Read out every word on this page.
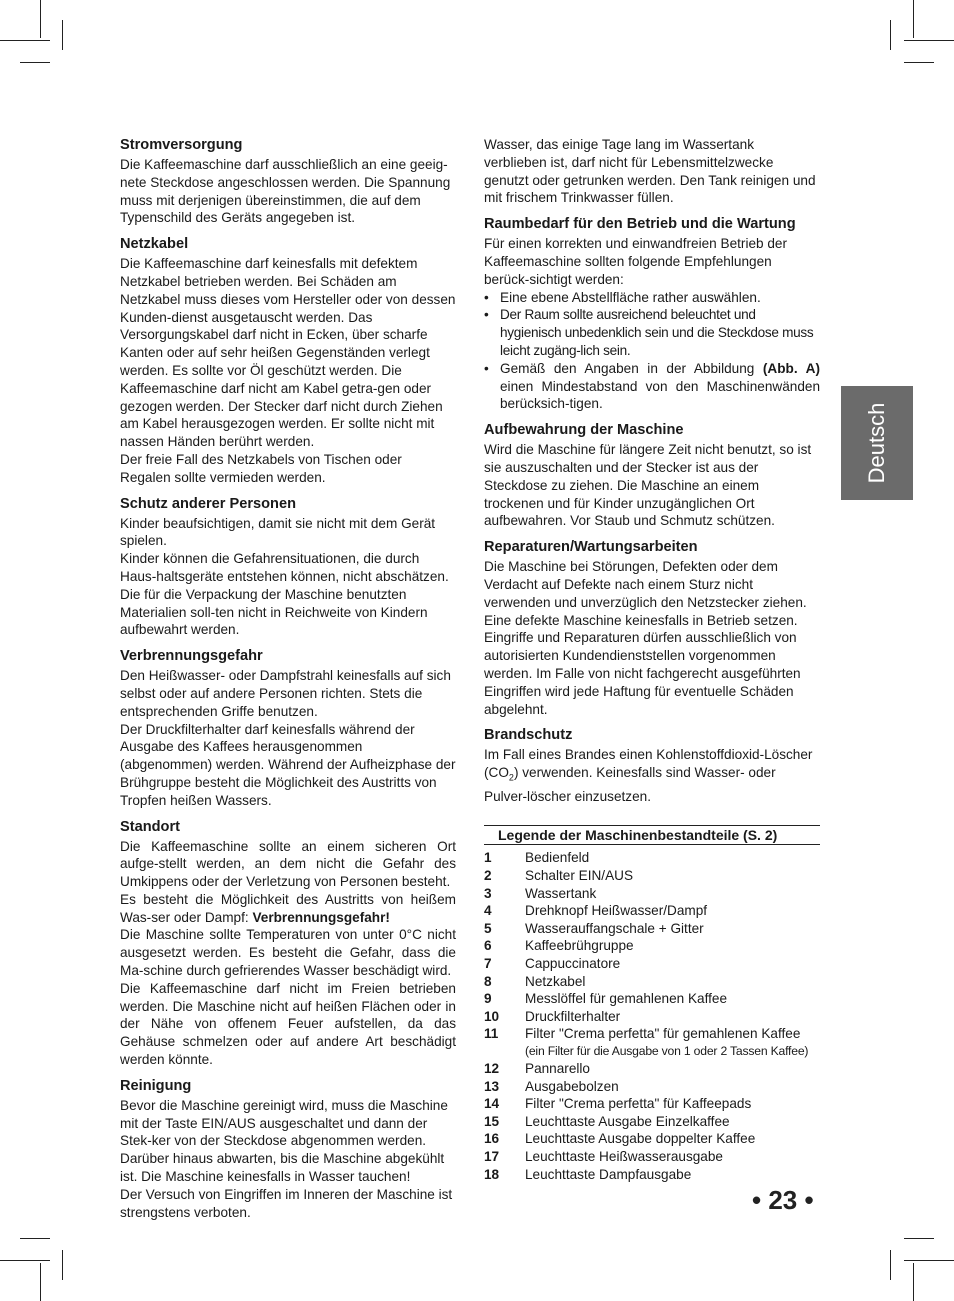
Stromversorgung

Die Kaffeemaschine darf ausschließlich an eine geeig-nete Steckdose angeschlossen werden. Die Spannung muss mit derjenigen übereinstimmen, die auf dem Typenschild des Geräts angegeben ist.

Netzkabel

Die Kaffeemaschine darf keinesfalls mit defektem Netzkabel betrieben werden. Bei Schäden am Netzkabel muss dieses vom Hersteller oder von dessen Kunden-dienst ausgetauscht werden. Das Versorgungskabel darf nicht in Ecken, über scharfe Kanten oder auf sehr heißen Gegenständen verlegt werden. Es sollte vor Öl geschützt werden. Die Kaffeemaschine darf nicht am Kabel getra-gen oder gezogen werden. Der Stecker darf nicht durch Ziehen am Kabel herausgezogen werden. Er sollte nicht mit nassen Händen berührt werden.

Der freie Fall des Netzkabels von Tischen oder Regalen sollte vermieden werden.

Schutz anderer Personen

Kinder beaufsichtigen, damit sie nicht mit dem Gerät spielen.

Kinder können die Gefahrensituationen, die durch Haus-haltsgeräte entstehen können, nicht abschätzen. Die für die Verpackung der Maschine benutzten Materialien soll-ten nicht in Reichweite von Kindern aufbewahrt werden.

Verbrennungsgefahr

Den Heißwasser- oder Dampfstrahl keinesfalls auf sich selbst oder auf andere Personen richten. Stets die entsprechenden Griffe benutzen.

Der Druckfilterhalter darf keinesfalls während der Ausgabe des Kaffees herausgenommen (abgenommen) werden. Während der Aufheizphase der Brühgruppe besteht die Möglichkeit des Austritts von Tropfen heißen Wassers.

Standort

Die Kaffeemaschine sollte an einem sicheren Ort aufge-stellt werden, an dem nicht die Gefahr des Umkippens oder der Verletzung von Personen besteht.

Es besteht die Möglichkeit des Austritts von heißem Was-ser oder Dampf: Verbrennungsgefahr!

Die Maschine sollte Temperaturen von unter 0°C nicht ausgesetzt werden. Es besteht die Gefahr, dass die Ma-schine durch gefrierendes Wasser beschädigt wird.

Die Kaffeemaschine darf nicht im Freien betrieben werden. Die Maschine nicht auf heißen Flächen oder in der Nähe von offenem Feuer aufstellen, da das Gehäuse schmelzen oder auf andere Art beschädigt werden könnte.

Reinigung

Bevor die Maschine gereinigt wird, muss die Maschine mit der Taste EIN/AUS ausgeschaltet und dann der Stek-ker von der Steckdose abgenommen werden. Darüber hinaus abwarten, bis die Maschine abgekühlt ist. Die Maschine keinesfalls in Wasser tauchen!

Der Versuch von Eingriffen im Inneren der Maschine ist strengstens verboten.

Wasser, das einige Tage lang im Wassertank verblieben ist, darf nicht für Lebensmittelzwecke genutzt oder getrunken werden. Den Tank reinigen und mit frischem Trinkwasser füllen.

Raumbedarf für den Betrieb und die Wartung

Für einen korrekten und einwandfreien Betrieb der Kaffeemaschine sollten folgende Empfehlungen berück-sichtigt werden:

• Eine ebene Abstellfläche rather auswählen.
• Der Raum sollte ausreichend beleuchtet und hygienisch unbedenklich sein und die Steckdose muss leicht zugäng-lich sein.
• Gemäß den Angaben in der Abbildung (Abb. A) einen Mindestabstand von den Maschinenwänden berücksich-tigen.
Aufbewahrung der Maschine

Wird die Maschine für längere Zeit nicht benutzt, so ist sie auszuschalten und der Stecker ist aus der Steckdose zu ziehen. Die Maschine an einem trockenen und für Kinder unzugänglichen Ort aufbewahren. Vor Staub und Schmutz schützen.

Reparaturen/Wartungsarbeiten

Die Maschine bei Störungen, Defekten oder dem Verdacht auf Defekte nach einem Sturz nicht verwenden und unverzüglich den Netzstecker ziehen. Eine defekte Maschine keinesfalls in Betrieb setzen. Eingriffe und Reparaturen dürfen ausschließlich von autorisierten Kundendienststellen vorgenommen werden. Im Falle von nicht fachgerecht ausgeführten Eingriffen wird jede Haftung für eventuelle Schäden abgelehnt.

Brandschutz

Im Fall eines Brandes einen Kohlenstoffdioxid-Löscher $(CO_2)$ verwenden. Keinesfalls sind Wasser- oder Pulver-löscher einzusetzen.

Legende der Maschinenbestandteile (S. 2)
1	Bedienfeld
2	Schalter EIN/AUS
3	Wassertank
4	Drehknopf Heißwasser/Dampf
5	Wasserauffangschale + Gitter
6	Kaffeebrühgruppe
7	Cappuccinatore
8	Netzkabel
9	Messlöffel für gemahlenen Kaffee
10	Druckfilterhalter
11	Filter "Crema perfetta" für gemahlenen Kaffee
(ein Filter für die Ausgabe von 1 oder 2 Tassen Kaffee)
12	Pannarello
13	Ausgabebolzen
14	Filter "Crema perfetta" für Kaffeepads
15	Leuchttaste Ausgabe Einzelkaffee
16	Leuchttaste Ausgabe doppelter Kaffee
17	Leuchttaste Heißwasserausgabe
18	Leuchttaste Dampfausgabe
Deutsch
• 23 •
